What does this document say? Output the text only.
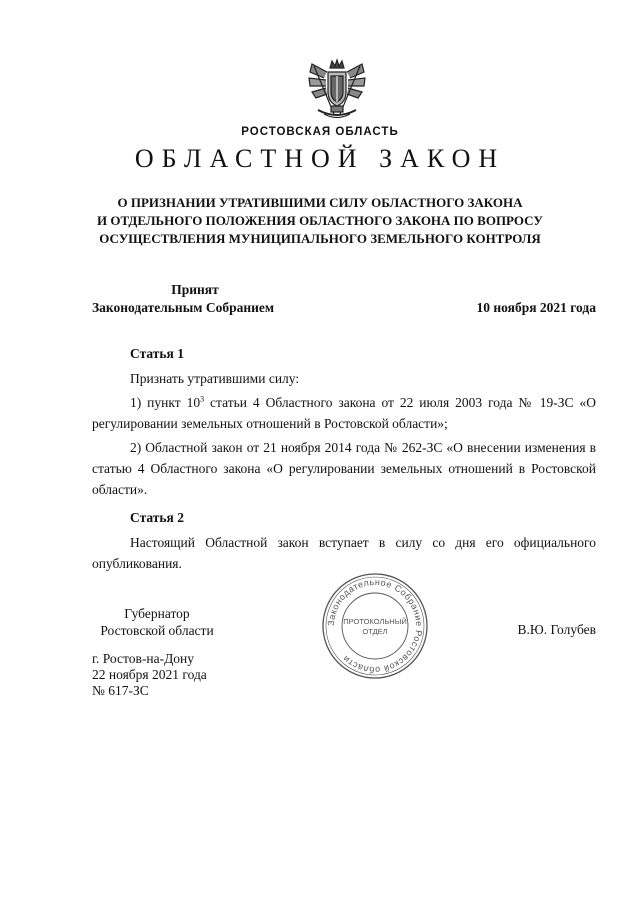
РОСТОВСКАЯ ОБЛАСТЬ
ОБЛАСТНОЙ ЗАКОН
О ПРИЗНАНИИ УТРАТИВШИМИ СИЛУ ОБЛАСТНОГО ЗАКОНА
И ОТДЕЛЬНОГО ПОЛОЖЕНИЯ ОБЛАСТНОГО ЗАКОНА ПО ВОПРОСУ
ОСУЩЕСТВЛЕНИЯ МУНИЦИПАЛЬНОГО ЗЕМЕЛЬНОГО КОНТРОЛЯ
Принят
Законодательным Собранием	10 ноября 2021 года
Статья 1
Признать утратившими силу:
1) пункт $10^3$ статьи 4 Областного закона от 22 июля 2003 года № 19-ЗС «О регулировании земельных отношений в Ростовской области»;
2) Областной закон от 21 ноября 2014 года № 262-ЗС «О внесении изменения в статью 4 Областного закона «О регулировании земельных отношений в Ростовской области».
Статья 2
Настоящий Областной закон вступает в силу со дня его официального опубликования.
Законодательное Собрание Ростовской области
ПРОТОКОЛЬНЫЙ
ОТДЕЛ
Губернатор
Ростовской области	В.Ю. Голубев
г. Ростов-на-Дону
22 ноября 2021 года
№ 617-ЗС
